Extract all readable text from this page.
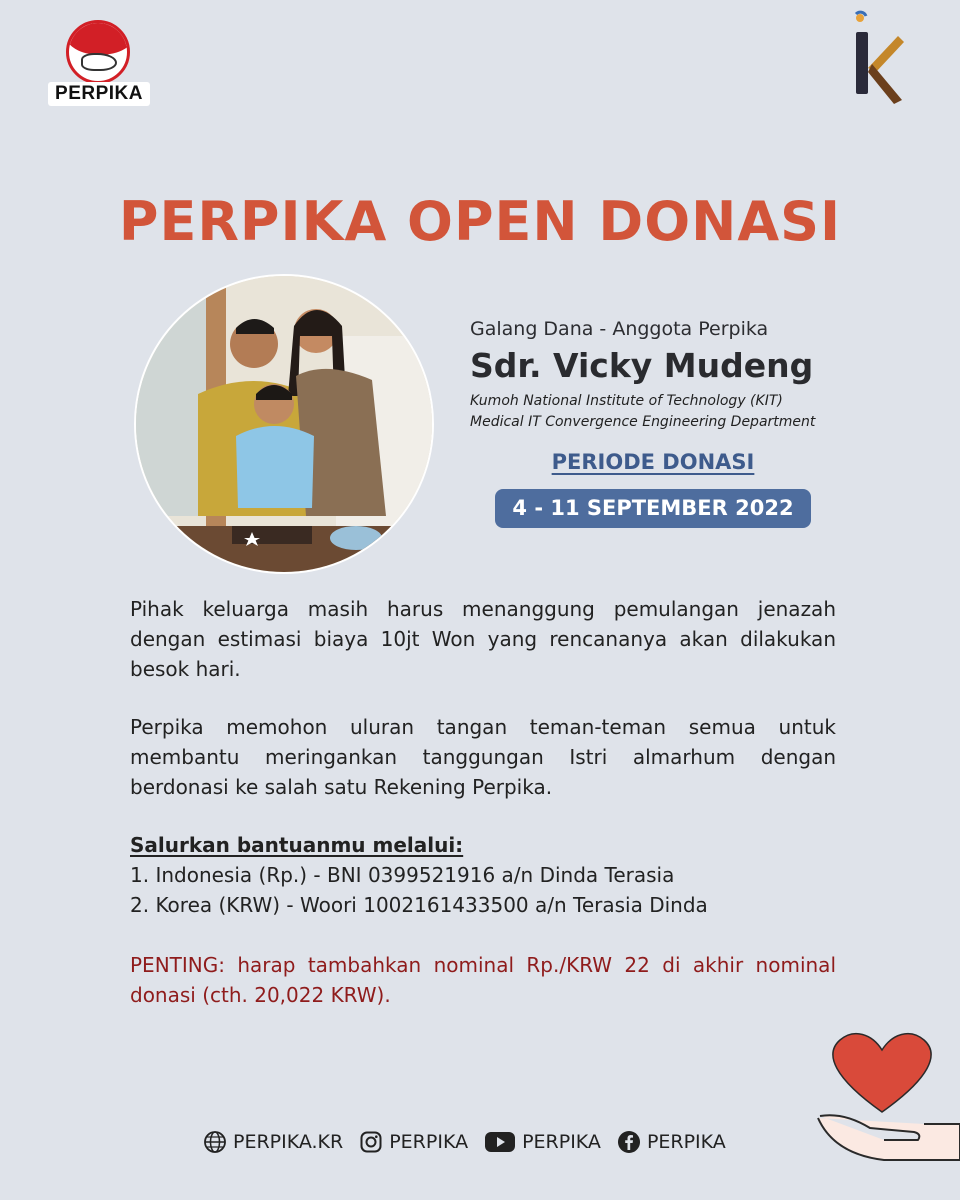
PERPIKA
PERPIKA OPEN DONASI
Galang Dana - Anggota Perpika
Sdr. Vicky Mudeng
Kumoh National Institute of Technology (KIT)
Medical IT Convergence Engineering Department
PERIODE DONASI
4 - 11 SEPTEMBER 2022
Pihak keluarga masih harus menanggung pemulangan jenazah dengan estimasi biaya 10jt Won yang rencananya akan dilakukan besok hari.
Perpika memohon uluran tangan teman-teman semua untuk membantu meringankan tanggungan Istri almarhum dengan berdonasi ke salah satu Rekening Perpika.
Salurkan bantuanmu melalui:
1. Indonesia (Rp.) - BNI 0399521916 a/n Dinda Terasia
2. Korea (KRW) - Woori 1002161433500 a/n Terasia Dinda
PENTING: harap tambahkan nominal Rp./KRW 22 di akhir nominal donasi (cth. 20,022 KRW).
PERPIKA.KR PERPIKA	PERPIKA PERPIKA
